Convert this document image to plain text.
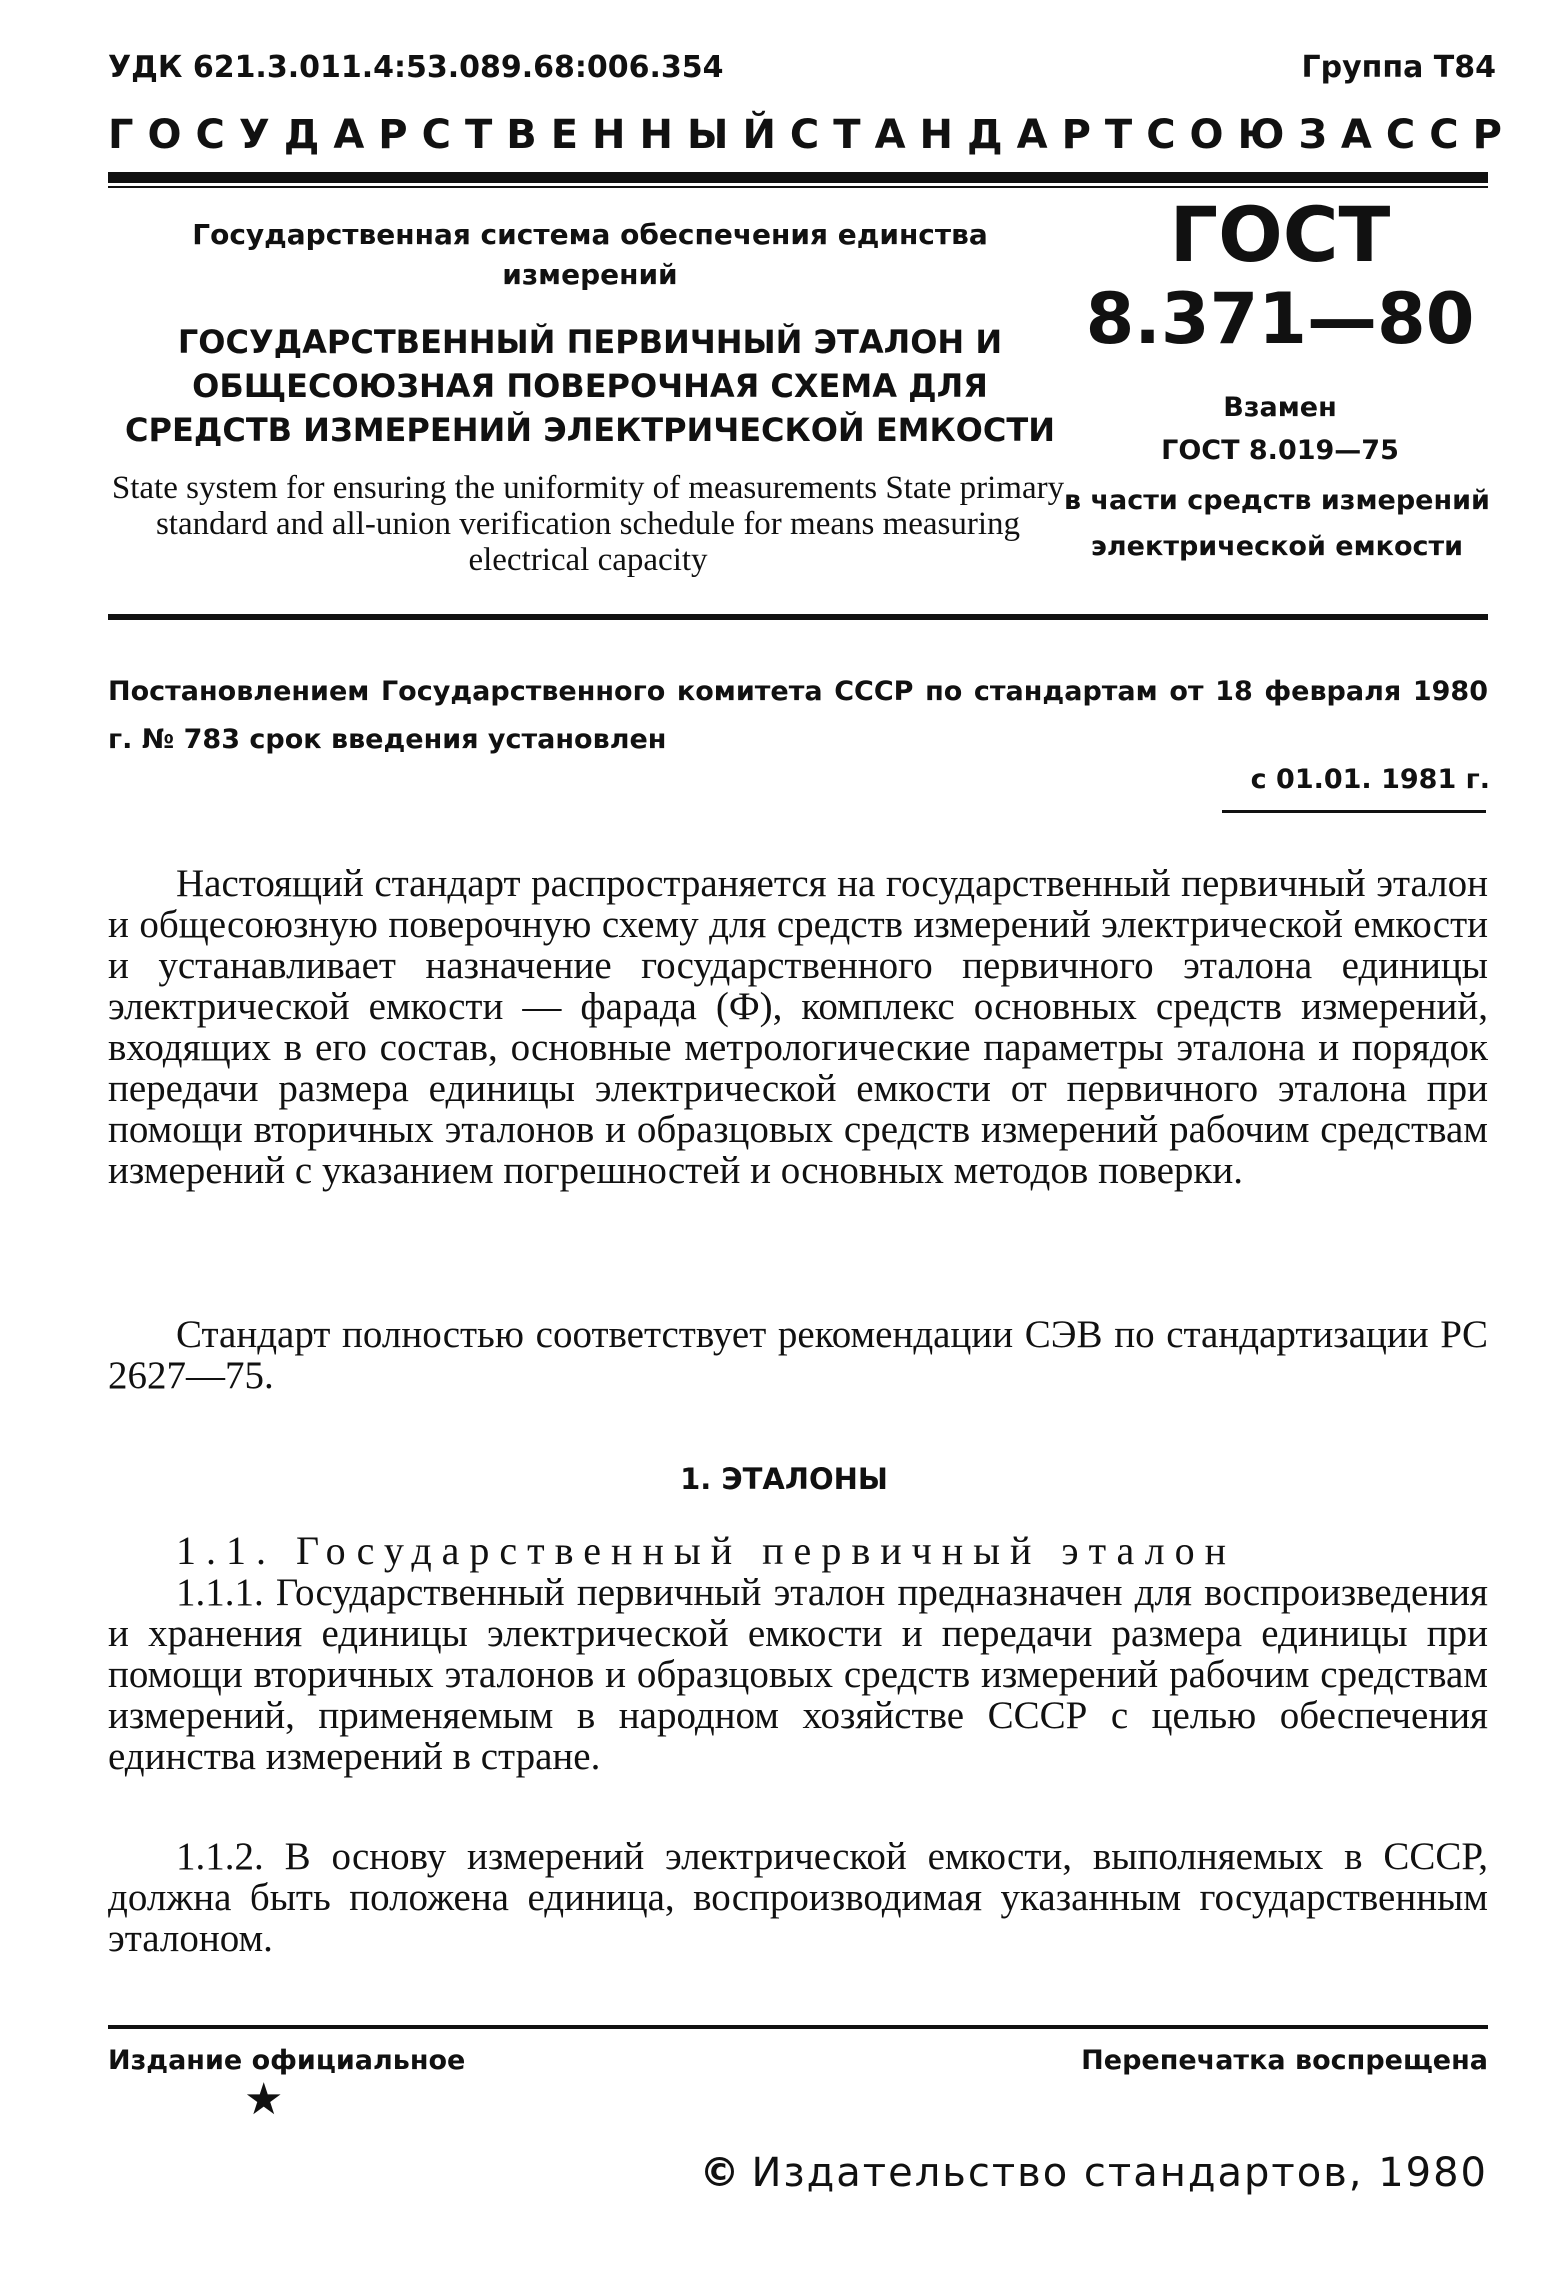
УДК 621.3.011.4:53.089.68:006.354	Группа Т84
ГОСУДАРСТВЕННЫЙ СТАНДАРТ СОЮЗА ССР
Государственная система обеспечения единства измерений
ГОСУДАРСТВЕННЫЙ ПЕРВИЧНЫЙ ЭТАЛОН И ОБЩЕСОЮЗНАЯ ПОВЕРОЧНАЯ СХЕМА ДЛЯ СРЕДСТВ ИЗМЕРЕНИЙ ЭЛЕКТРИЧЕСКОЙ ЕМКОСТИ
State system for ensuring the uniformity of measurements State primary standard and all-union verification schedule for means measuring electrical capacity
ГОСТ
8.371—80
Взамен
ГОСТ 8.019—75
в части средств измерений электрической емкости
Постановлением Государственного комитета СССР по стандартам от 18 февраля 1980 г. № 783 срок введения установлен
с 01.01. 1981 г.
Настоящий стандарт распространяется на государственный первичный эталон и общесоюзную поверочную схему для средств измерений электрической емкости и устанавливает назначение государственного первичного эталона единицы электрической емкости — фарада (Ф), комплекс основных средств измерений, входящих в его состав, основные метрологические параметры эталона и порядок передачи размера единицы электрической емкости от первичного эталона при помощи вторичных эталонов и образцовых средств измерений рабочим средствам измерений с указанием погрешностей и основных методов поверки.
Стандарт полностью соответствует рекомендации СЭВ по стандартизации PC 2627—75.
1. ЭТАЛОНЫ
1.1. Государственный первичный эталон
1.1.1. Государственный первичный эталон предназначен для воспроизведения и хранения единицы электрической емкости и передачи размера единицы при помощи вторичных эталонов и образцовых средств измерений рабочим средствам измерений, применяемым в народном хозяйстве СССР с целью обеспечения единства измерений в стране.
1.1.2. В основу измерений электрической емкости, выполняемых в СССР, должна быть положена единица, воспроизводимая указанным государственным эталоном.
Издание официальное	Перепечатка воспрещена
★
© Издательство стандартов, 1980
